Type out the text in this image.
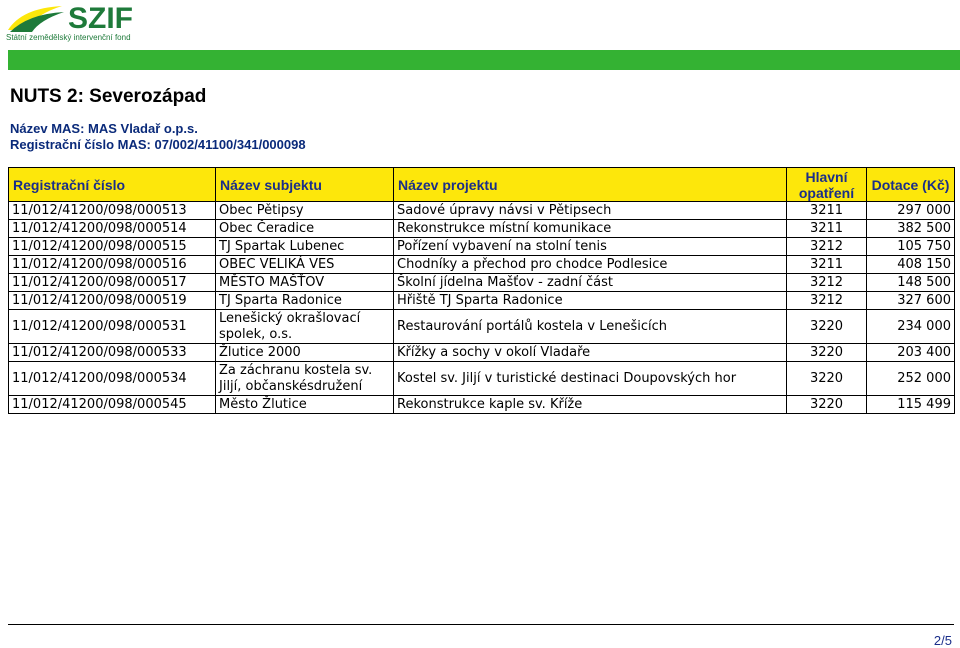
SZIF
Státní zemědělský intervenční fond
NUTS 2: Severozápad
Název MAS: MAS Vladař o.p.s.
Registrační číslo MAS: 07/002/41100/341/000098
Registrační číslo	Název subjektu	Název projektu	Hlavní opatření	Dotace (Kč)
11/012/41200/098/000513	Obec Pětipsy	Sadové úpravy návsi v Pětipsech	3211	297 000
11/012/41200/098/000514	Obec Čeradice	Rekonstrukce místní komunikace	3211	382 500
11/012/41200/098/000515	TJ Spartak Lubenec	Pořízení vybavení na stolní tenis	3212	105 750
11/012/41200/098/000516	OBEC VELIKÁ VES	Chodníky a přechod pro chodce Podlesice	3211	408 150
11/012/41200/098/000517	MĚSTO MAŠŤOV	Školní jídelna Mašťov - zadní část	3212	148 500
11/012/41200/098/000519	TJ Sparta Radonice	Hřiště TJ Sparta Radonice	3212	327 600
11/012/41200/098/000531	Lenešický okrašlovací spolek, o.s.	Restaurování portálů kostela v Lenešicích	3220	234 000
11/012/41200/098/000533	Žlutice 2000	Křížky a sochy v okolí Vladaře	3220	203 400
11/012/41200/098/000534	Za záchranu kostela sv. Jiljí, občanskésdružení	Kostel sv. Jiljí v turistické destinaci Doupovských hor	3220	252 000
11/012/41200/098/000545	Město Žlutice	Rekonstrukce kaple sv. Kříže	3220	115 499
2/5
